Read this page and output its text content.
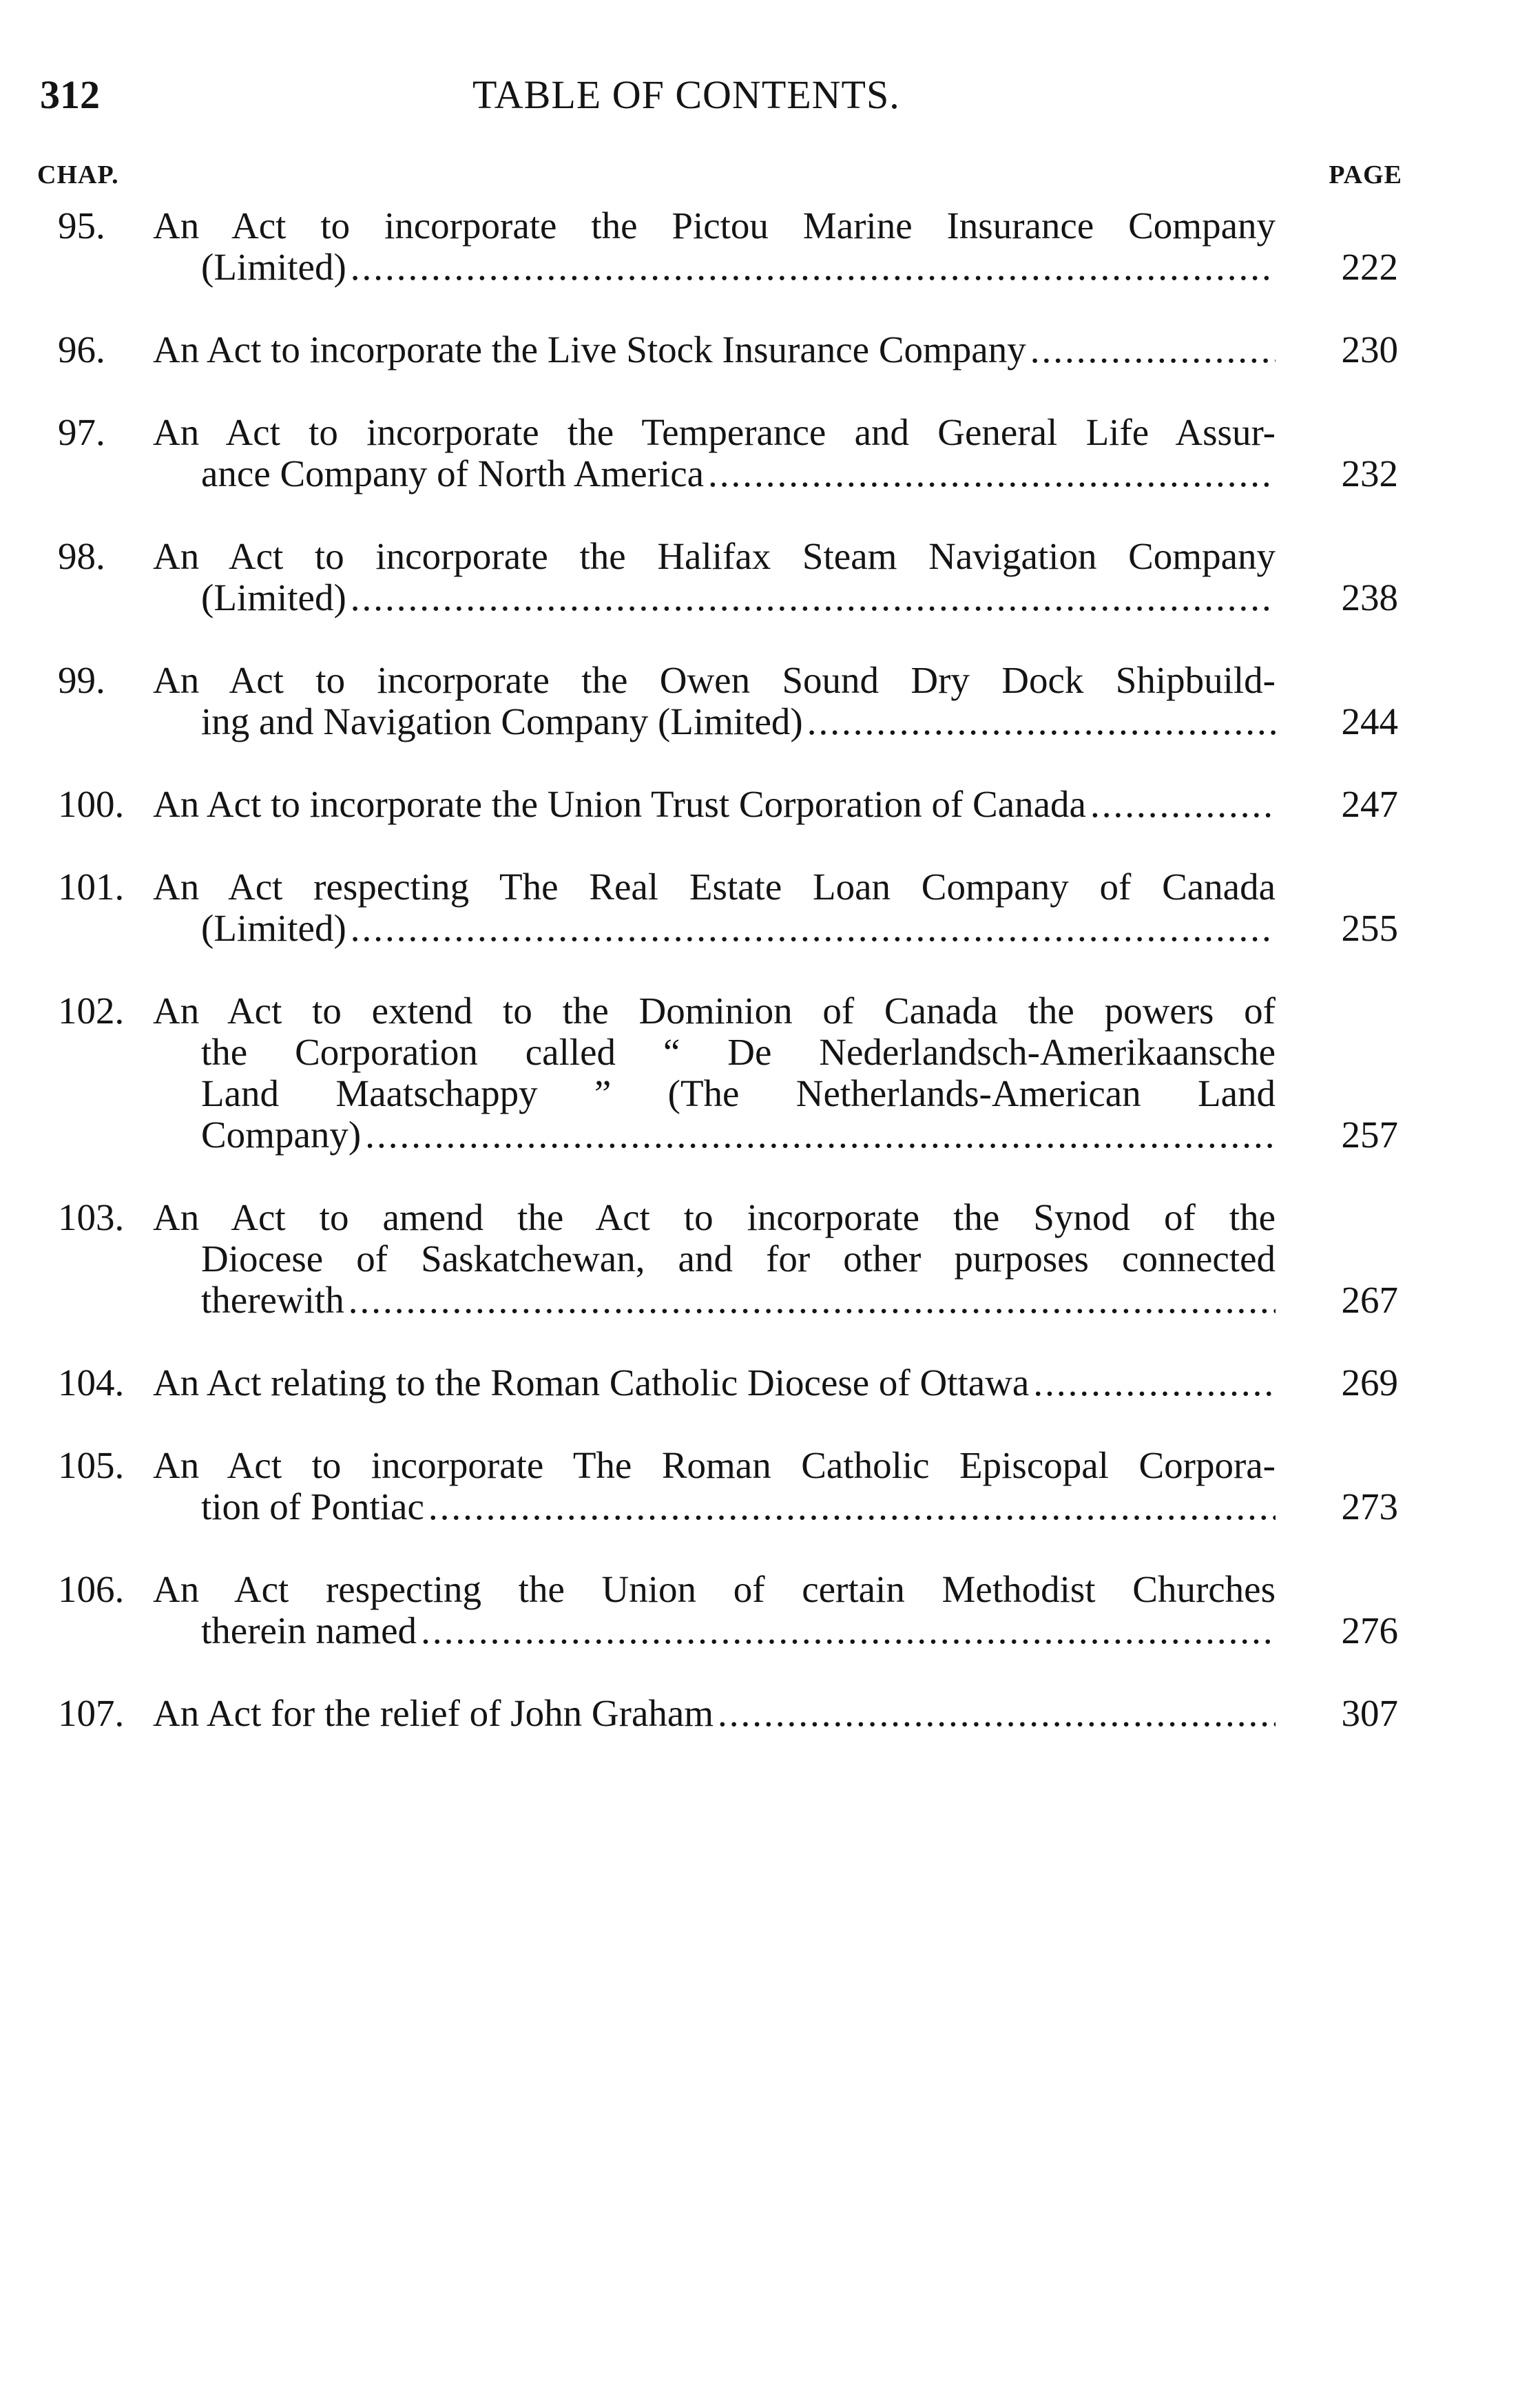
312	TABLE OF CONTENTS.
CHAP.	PAGE
95.	An Act to incorporate the Pictou Marine Insurance Company
(Limited) .....	222
96.	An Act to incorporate the Live Stock Insurance Company .....	230
97.	An Act to incorporate the Temperance and General Life Assur-
ance Company of North America .....	232
98.	An Act to incorporate the Halifax Steam Navigation Company
(Limited) .....	238
99.	An Act to incorporate the Owen Sound Dry Dock Shipbuild-
ing and Navigation Company (Limited) .....	244
100. An Act to incorporate the Union Trust Corporation of Canada .....	247
101. An Act respecting The Real Estate Loan Company of Canada
(Limited) .....	255
102. An Act to extend to the Dominion of Canada the powers of
the Corporation called “ De Nederlandsch-Amerikaansche
Land Maatschappy ” (The Netherlands-American Land
Company) .....	257
103. An Act to amend the Act to incorporate the Synod of the
Diocese of Saskatchewan, and for other purposes connected
therewith .....	267
104. An Act relating to the Roman Catholic Diocese of Ottawa .....	269
105. An Act to incorporate The Roman Catholic Episcopal Corpora-
tion of Pontiac .....	273
106. An Act respecting the Union of certain Methodist Churches
therein named .....	276
107. An Act for the relief of John Graham .....	307
